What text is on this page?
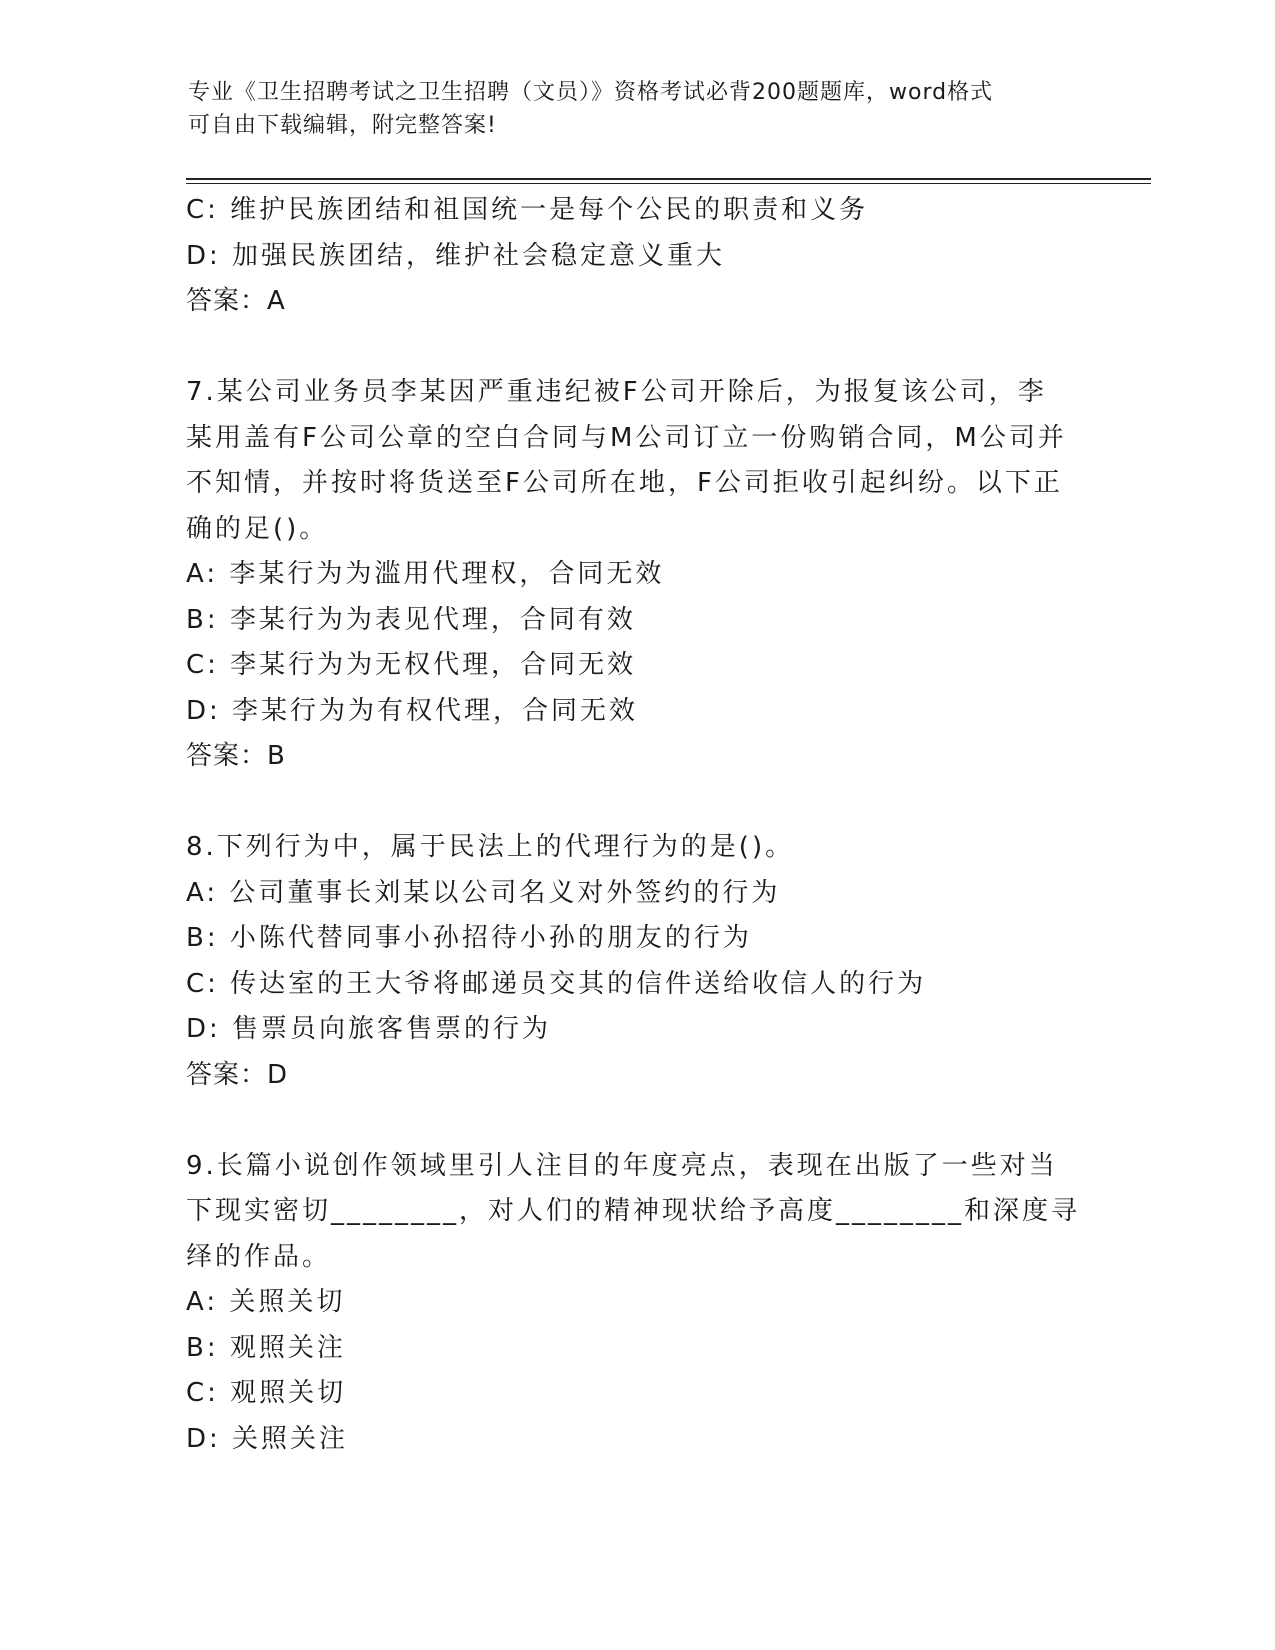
专业《卫生招聘考试之卫生招聘（文员）》资格考试必背200题题库，word格式
可自由下载编辑，附完整答案!
C: 维护民族团结和祖国统一是每个公民的职责和义务
D: 加强民族团结，维护社会稳定意义重大
答案：A
7.某公司业务员李某因严重违纪被F公司开除后，为报复该公司，李
某用盖有F公司公章的空白合同与M公司订立一份购销合同，M公司并
不知情，并按时将货送至F公司所在地，F公司拒收引起纠纷。以下正
确的足()。
A: 李某行为为滥用代理权，合同无效
B: 李某行为为表见代理，合同有效
C: 李某行为为无权代理，合同无效
D: 李某行为为有权代理，合同无效
答案：B
8.下列行为中，属于民法上的代理行为的是()。
A: 公司董事长刘某以公司名义对外签约的行为
B: 小陈代替同事小孙招待小孙的朋友的行为
C: 传达室的王大爷将邮递员交其的信件送给收信人的行为
D: 售票员向旅客售票的行为
答案：D
9.长篇小说创作领域里引人注目的年度亮点，表现在出版了一些对当
下现实密切________，对人们的精神现状给予高度________和深度寻
绎的作品。
A: 关照关切
B: 观照关注
C: 观照关切
D: 关照关注
